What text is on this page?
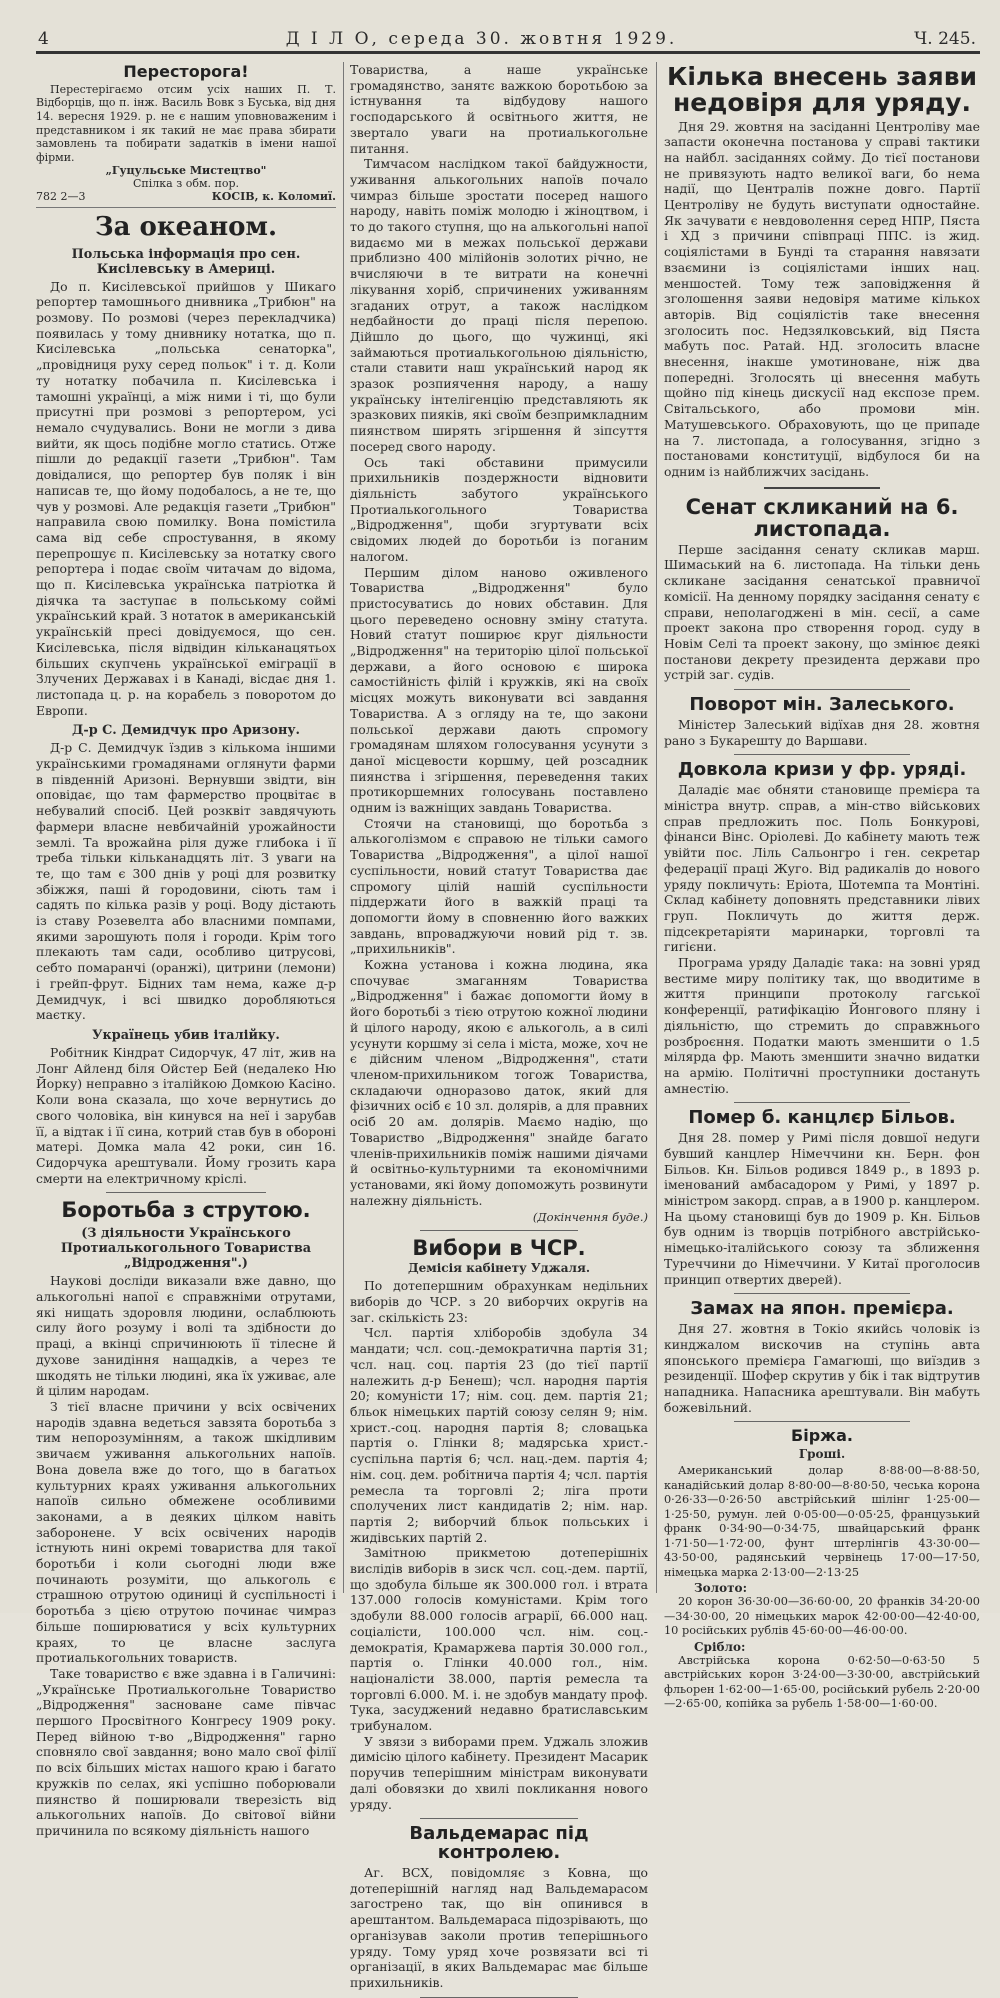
4	Д І Л О, середа 30. жовтня 1929.	Ч. 245.
Пересторога!

Перестерігаємо отсим усіх наших П. Т. Відборців, що п. інж. Василь Вовк з Буська, від дня 14. вересня 1929. р. не є нашим уповноваженим і представником і як такий не має права збирати замовлень та побирати задатків в імени нашої фірми.

„Гуцульське Мистецтво"
Спілка з обм. пор.
782 2—3	КОСІВ, к. Коломиї.
За океаном.
Польська інформація про сен. Кисілевську в Америці.

До п. Кисілевської прийшов у Шикаго репортер тамошнього днивника „Трибюн" на розмову. По розмові (через перекладчика) появилась у тому днивнику нотатка, що п. Кисілевська „польська сенаторка", „провідниця руху серед польок" і т. д. Коли ту нотатку побачила п. Кисілевська і тамошні українці, а між ними і ті, що були присутні при розмові з репортером, усі немало счудувались. Вони не могли з дива вийти, як щось подібне могло статись. Отже пішли до редакції газети „Трибюн". Там довідалися, що репортер був поляк і він написав те, що йому подобалось, а не те, що чув у розмові. Але редакція газети „Трибюн" направила свою помилку. Вона помістила сама від себе спростування, в якому перепрошує п. Кисілевську за нотатку свого репортера і подає своїм читачам до відома, що п. Кисілевська українська патріотка й діячка та заступає в польському соймі український край. З нотаток в американській українській пресі довідуємося, що сен. Кисілевська, після відвідин кільканацятьох більших скупчень української еміграції в Злучених Державах і в Канаді, вісдає дня 1. листопада ц. р. на корабель з поворотом до Европи.

Д-р С. Демидчук про Аризону.

Д-р С. Демидчук їздив з кількома іншими українськими громадянами оглянути фарми в південній Аризоні. Вернувши звідти, він оповідає, що там фармерство процвітає в небувалий спосіб. Цей розквіт завдячують фармери власне невбичайній урожайности землі. Та врожайна ріля дуже глибока і її треба тільки кільканадцять літ. З уваги на те, що там є 300 днів у році для розвитку збіжжя, паші й городовини, сіють там і садять по кілька разів у році. Воду дістають із ставу Розевелта або власними помпами, якими зарошують поля і городи. Крім того плекають там сади, особливо цитрусові, себто помаранчі (оранжі), цитрини (лемони) і грейп-фрут. Бідних там нема, каже д-р Демидчук, і всі швидко доробляються маєтку.

Українець убив італійку.

Робітник Кіндрат Сидорчук, 47 літ, жив на Лонг Айленд біля Ойстер Бей (недалеко Ню Йорку) неправно з італійкою Домкою Касіно. Коли вона сказала, що хоче вернутись до свого чоловіка, він кинувся на неї і зарубав її, а відтак і її сина, котрий став був в обороні матері. Домка мала 42 роки, син 16. Сидорчука арештували. Йому грозить кара смерти на електричному кріслі.

Боротьба з струтою.
(З діяльности Українського Протиалькогольного Товариства „Відродження".)

Наукові досліди виказали вже давно, що алькогольні напої є справжніми отрутами, які нищать здоровля людини, ослаблюють силу його розуму і волі та здібности до праці, а вкінці спричинюють її тілесне й духове занидіння нащадків, а через те шкодять не тільки людині, яка їх уживає, але й цілим народам.

З тієї власне причини у всіх освічених народів здавна ведеться завзята боротьба з тим непорозумінням, а також шкідливим звичаєм уживання алькогольних напоїв. Вона довела вже до того, що в багатьох культурних краях уживання алькогольних напоїв сильно обмежене особливими законами, а в деяких цілком навіть заборонене. У всіх освічених народів істнують нині окремі товариства для такої боротьби і коли сьогодні люди вже починають розуміти, що алькоголь є страшною отрутою одиниці й суспільності і боротьба з цією отрутою починає чимраз більше поширюватися у всіх культурних краях, то це власне заслуга протиалькогольних товариств.

Таке товариство є вже здавна і в Галичині: „Українське Протиалькогольне Товариство „Відродження" засноване саме півчас першого Просвітного Конгресу 1909 року. Перед війною т-во „Відродження" гарно сповняло свої завдання; воно мало свої філії по всіх більших містах нашого краю і багато кружків по селах, які успішно поборювали пиянство й поширювали тверезість від алькогольних напоїв. До світової війни причинила по всякому діяльність нашого

Товариства, а наше українське громадянство, занятє важкою боротьбою за істнування та відбудову нашого господарського й освітнього життя, не звертало уваги на протиалькогольне питання.

Тимчасом наслідком такої байдужности, уживання алькогольних напоїв почало чимраз більше зростати посеред нашого народу, навіть поміж молодю і жіноцтвом, і то до такого ступня, що на алькогольні напої видаємо ми в межах польської держави приблизно 400 мілійонів золотих річно, не вчисляючи в те витрати на конечні лікування хоріб, спричинених уживанням згаданих отрут, а також наслідком недбайности до праці після перепою. Дійшло до цього, що чужинці, які займаються протиалькогольною діяльністю, стали ставити наш український народ як зразок розпиячення народу, а нашу українську інтелігенцію представляють як зразкових пияків, які своїм безпримкладним пиянством ширять згіршення й зіпсуття посеред свого народу.

Ось такі обставини примусили прихильників поздержности відновити діяльність забутого українського Протиалькогольного Товариства „Відродження", щоби згуртувати всіх свідомих людей до боротьби із поганим налогом.

Першим ділом наново оживленого Товариства „Відродження" було пристосуватись до нових обставин. Для цього переведено основну зміну статута. Новий статут поширює круг діяльности „Відродження" на територію цілої польської держави, а його основою є широка самостійність філій і кружків, які на своїх місцях можуть виконувати всі завдання Товариства. А з огляду на те, що закони польської держави дають спромогу громадянам шляхом голосування усунути з даної місцевости коршму, цей розсадник пиянства і згіршення, переведення таких протикоршемних голосувань поставлено одним із важніщих завдань Товариства.

Стоячи на становищі, що боротьба з алькоголізмом є справою не тільки самого Товариства „Відродження", а цілої нашої суспільности, новий статут Товариства дає спромогу цілій нашій суспільности піддержати його в важкій праці та допомогти йому в сповненню його важких завдань, впроваджуючи новий рід т. зв. „прихильників".

Кожна установа і кожна людина, яка спочуває змаганням Товариства „Відродження" і бажає допомогти йому в його боротьбі з тією отрутою кожної людини й цілого народу, якою є алькоголь, а в силі усунути коршму зі села і міста, може, хоч не є дійсним членом „Відродження", стати членом-прихильником тогож Товариства, складаючи одноразово даток, який для фізичних осіб є 10 зл. долярів, а для правних осіб 20 ам. долярів. Маємо надію, що Товариство „Відродження" знайде багато членів-прихильників поміж нашими діячами й освітньо-культурними та економічними установами, які йому допоможуть розвинути належну діяльність.

(Докінчення буде.)
Вибори в ЧСР.
Демісія кабінету Уджаля.

По дотепершним обрахункам недільних виборів до ЧСР. з 20 виборчих округів на заг. скількість 23:

Чсл. партія хліборобів здобула 34 мандати; чсл. соц.-демократична партія 31; чсл. нац. соц. партія 23 (до тієї партії належить д-р Бенеш); чсл. народня партія 20; комуністи 17; нім. соц. дем. партія 21; бльок німецьких партій союзу селян 9; нім. христ.-соц. народня партія 8; словацька партія о. Глінки 8; мадярська христ.-суспільна партія 6; чсл. нац.-дем. партія 4; нім. соц. дем. робітнича партія 4; чсл. партія ремесла та торговлі 2; ліга проти сполучених лист кандидатів 2; нім. нар. партія 2; виборчий бльок польських і жидівських партій 2.

Замітною прикметою дотеперішніх вислідів виборів в зиск чсл. соц.-дем. партії, що здобула більше як 300.000 гол. і втрата 137.000 голосів комуністами. Крім того здобули 88.000 голосів аграрії, 66.000 нац. соціалісти, 100.000 чсл. нім. соц.-демократія, Крамаржева партія 30.000 гол., партія о. Глінки 40.000 гол., нім. націоналісти 38.000, партія ремесла та торговлі 6.000. М. і. не здобув мандату проф. Тука, засуджений недавно братиславським трибуналом.

У звязи з виборами прем. Уджаль зложив димісію цілого кабінету. Президент Масарик поручив теперішним міністрам виконувати далі обовязки до хвилі покликання нового уряду.

Вальдемарас під контролею.

Аг. ВСХ, повідомляє з Ковна, що дотеперішній нагляд над Вальдемарасом загострено так, що він опинився в арештантом. Вальдемараса підозрівають, що організував заколи против теперішнього уряду. Тому уряд хоче розвязати всі ті організації, в яких Вальдемарас має більше прихильників.

Кілька внесень заяви недовіря для уряду.

Дня 29. жовтня на засіданні Центроліву мае запасти оконечна постанова у справі тактики на найбл. засіданнях сойму. До тієї постанови не привязують надто великої ваги, бо нема надії, що Централів пожне довго. Партії Центроліву не будуть виступати одностайне. Як зачувати є невдоволення серед НПР, Пяста і ХД з причини співпраці ППС. із жид. соціялістами в Бунді та старання навязати взаємини із соціялістами інших нац. меншостей. Тому теж заповідження й зголошення заяви недовіря матиме кількох авторів. Від соціялістів таке внесення зголосить пос. Недзялковський, від Пяста мабуть пос. Ратай. НД. зголосить власне внесення, інакше умотиноване, ніж два попередні. Зголосять ці внесення мабуть щойно під кінець дискусії над експозе прем. Світальського, або промови мін. Матушевського. Обраховують, що це припаде на 7. листопада, а голосування, згідно з постановами конституції, відбулося би на одним із найближчих засідань.

Сенат скликаний на 6. листопада.

Перше засідання сенату скликав марш. Шимаський на 6. листопада. На тільки день скликане засідання сенатської правничої комісії. На денному порядку засідання сенату є справи, неполагоджені в мін. сесії, а саме проект закона про створення город. суду в Новім Селі та проект закону, що змінює деякі постанови декрету президента держави про устрій заг. судів.

Поворот мін. Залеського.

Міністер Залеський відїхав дня 28. жовтня рано з Букарешту до Варшави.

Довкола кризи у фр. уряді.

Даладіє має обняти становище премієра та міністра внутр. справ, а мін-ство військових справ предложить пос. Поль Бонкурові, фінанси Вінс. Оріолеві. До кабінету мають теж увійти пос. Ліль Сальонгро і ген. секретар федерації праці Жуго. Від радикалів до нового уряду покличуть: Еріота, Шотемпа та Монтіні. Склад кабінету доповнять представники лівих груп. Покличуть до життя держ. підсекретаріяти маринарки, торговлі та гигієни.

Програма уряду Даладіє така: на зовні уряд вестиме миру політику так, що вводитиме в життя принципи протоколу гагської конференції, ратифікацію Йонгового пляну і діяльністю, що стремить до справжнього розброєння. Податки мають зменшити о 1.5 мілярда фр. Мають зменшити значно видатки на армію. Політичні проступники достануть амнестію.

Помер б. канцлєр Більов.

Дня 28. помер у Римі після довшої недуги бувший канцлер Німеччини кн. Берн. фон Більов. Кн. Більов родився 1849 р., в 1893 р. іменований амбасадором у Римі, у 1897 р. міністром закорд. справ, а в 1900 р. канцлером. На цьому становищі був до 1909 р. Кн. Більов був одним із творців потрібного австрійсько-німецько-італійського союзу та зближення Туреччини до Німеччини. У Китаї проголосив принцип отвертих дверей).

Замах на япон. премієра.

Дня 27. жовтня в Токіо якийсь чоловік із кинджалом вискочив на ступінь авта японського премієра Гамагюші, що виїздив з резиденції. Шофер скрутив у бік і так відтрутив нападника. Напасника арештували. Він мабуть божевільний.

Біржа.
Гроші.

Американський долар 8·88·00—8·88·50, канадійський долар 8·80·00—8·80·50, чеська корона 0·26·33—0·26·50 австрійський шілінг 1·25·00—1·25·50, румун. лей 0·05·00—0·05·25, французький франк 0·34·90—0·34·75, швайцарський франк 1·71·50—1·72·00, фунт штерлінгів 43·30·00—43·50·00, радянський червінець 17·00—17·50, німецька марка 2·13·00—2·13·25

Золото:

20 корон 36·30·00—36·60·00, 20 франків 34·20·00—34·30·00, 20 німецьких марок 42·00·00—42·40·00, 10 російських рублів 45·60·00—46·00·00.

Срібло:

Австрійська корона 0·62·50—0·63·50 5 австрійських корон 3·24·00—3·30·00, австрійський фльорен 1·62·00—1·65·00, російський рубель 2·20·00—2·65·00, копійка за рубель 1·58·00—1·60·00.
